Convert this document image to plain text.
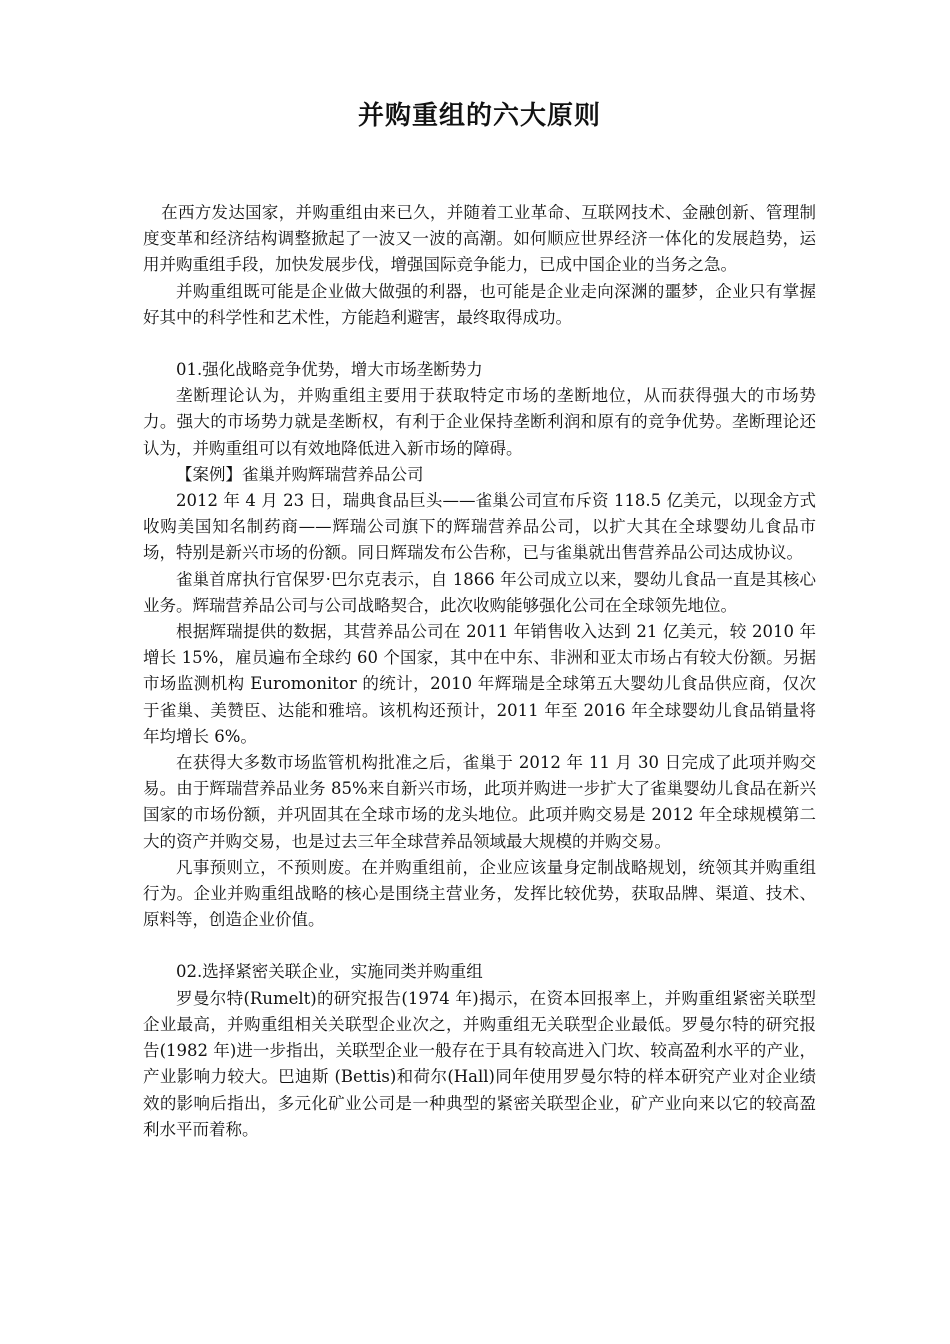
并购重组的六大原则

在西方发达国家，并购重组由来已久，并随着工业革命、互联网技术、金融创新、管理制度变革和经济结构调整掀起了一波又一波的高潮。如何顺应世界经济一体化的发展趋势，运用并购重组手段，加快发展步伐，增强国际竞争能力，已成中国企业的当务之急。

并购重组既可能是企业做大做强的利器，也可能是企业走向深渊的噩梦，企业只有掌握好其中的科学性和艺术性，方能趋利避害，最终取得成功。

01.强化战略竞争优势，增大市场垄断势力

垄断理论认为，并购重组主要用于获取特定市场的垄断地位，从而获得强大的市场势力。强大的市场势力就是垄断权，有利于企业保持垄断利润和原有的竞争优势。垄断理论还认为，并购重组可以有效地降低进入新市场的障碍。

【案例】雀巢并购辉瑞营养品公司

2012 年 4 月 23 日，瑞典食品巨头——雀巢公司宣布斥资 118.5 亿美元，以现金方式收购美国知名制药商——辉瑞公司旗下的辉瑞营养品公司，以扩大其在全球婴幼儿食品市场，特别是新兴市场的份额。同日辉瑞发布公告称，已与雀巢就出售营养品公司达成协议。

雀巢首席执行官保罗·巴尔克表示，自 1866 年公司成立以来，婴幼儿食品一直是其核心业务。辉瑞营养品公司与公司战略契合，此次收购能够强化公司在全球领先地位。

根据辉瑞提供的数据，其营养品公司在 2011 年销售收入达到 21 亿美元，较 2010 年增长 15%，雇员遍布全球约 60 个国家，其中在中东、非洲和亚太市场占有较大份额。另据市场监测机构 Euromonitor 的统计，2010 年辉瑞是全球第五大婴幼儿食品供应商，仅次于雀巢、美赞臣、达能和雅培。该机构还预计，2011 年至 2016 年全球婴幼儿食品销量将年均增长 6%。

在获得大多数市场监管机构批准之后，雀巢于 2012 年 11 月 30 日完成了此项并购交易。由于辉瑞营养品业务 85%来自新兴市场，此项并购进一步扩大了雀巢婴幼儿食品在新兴国家的市场份额，并巩固其在全球市场的龙头地位。此项并购交易是 2012 年全球规模第二大的资产并购交易，也是过去三年全球营养品领域最大规模的并购交易。

凡事预则立，不预则废。在并购重组前，企业应该量身定制战略规划，统领其并购重组行为。企业并购重组战略的核心是围绕主营业务，发挥比较优势，获取品牌、渠道、技术、原料等，创造企业价值。

02.选择紧密关联企业，实施同类并购重组

罗曼尔特(Rumelt)的研究报告(1974 年)揭示，在资本回报率上，并购重组紧密关联型企业最高，并购重组相关关联型企业次之，并购重组无关联型企业最低。罗曼尔特的研究报告(1982 年)进一步指出，关联型企业一般存在于具有较高进入门坎、较高盈利水平的产业，产业影响力较大。巴迪斯 (Bettis)和荷尔(Hall)同年使用罗曼尔特的样本研究产业对企业绩效的影响后指出，多元化矿业公司是一种典型的紧密关联型企业，矿产业向来以它的较高盈利水平而着称。
